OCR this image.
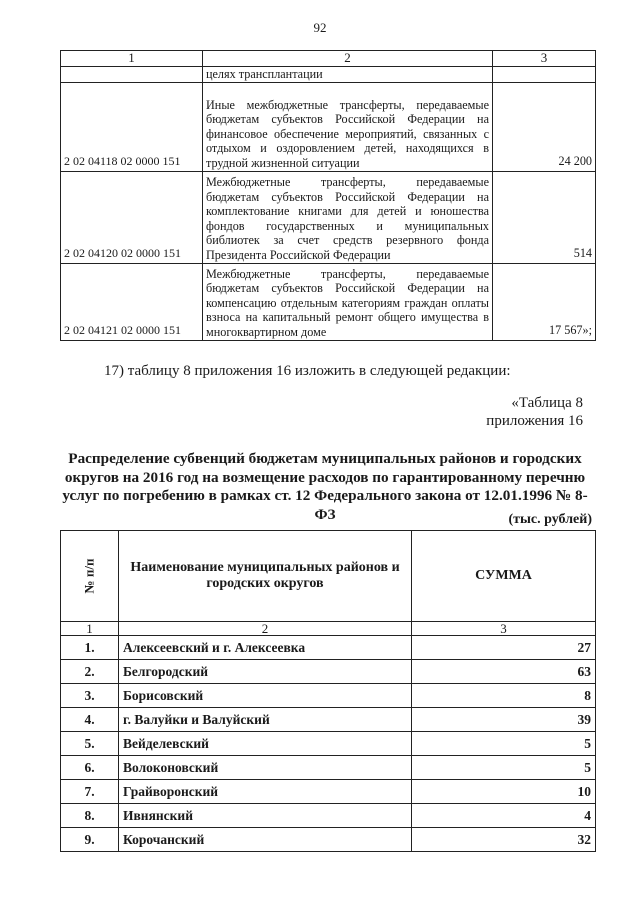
92
1	2	3
	целях трансплантации	
2 02 04118 02 0000 151	Иные межбюджетные трансферты, передаваемые бюджетам субъектов Российской Федерации на финансовое обеспечение мероприятий, связанных с отдыхом и оздоровлением детей, находящихся в трудной жизненной ситуации	24 200
2 02 04120 02 0000 151	Межбюджетные трансферты, передаваемые бюджетам субъектов Российской Федерации на комплектование книгами для детей и юношества фондов государственных и муниципальных библиотек за счет средств резервного фонда Президента Российской Федерации	514
2 02 04121 02 0000 151	Межбюджетные трансферты, передаваемые бюджетам субъектов Российской Федерации на компенсацию отдельным категориям граждан оплаты взноса на капитальный ремонт общего имущества в многоквартирном доме	17 567»;
17) таблицу 8 приложения 16 изложить в следующей редакции:
«Таблица 8
приложения 16
Распределение субвенций бюджетам муниципальных районов и городских округов на 2016 год на возмещение расходов по гарантированному перечню услуг по погребению в рамках ст. 12 Федерального закона от 12.01.1996 № 8-ФЗ	(тыс. рублей)
№ п/п	Наименование муниципальных районов и городских округов	СУММА
1	2	3
1.	Алексеевский и г. Алексеевка	27
2.	Белгородский	63
3.	Борисовский	8
4.	г. Валуйки и Валуйский	39
5.	Вейделевский	5
6.	Волоконовский	5
7.	Грайворонский	10
8.	Ивнянский	4
9.	Корочанский	32
